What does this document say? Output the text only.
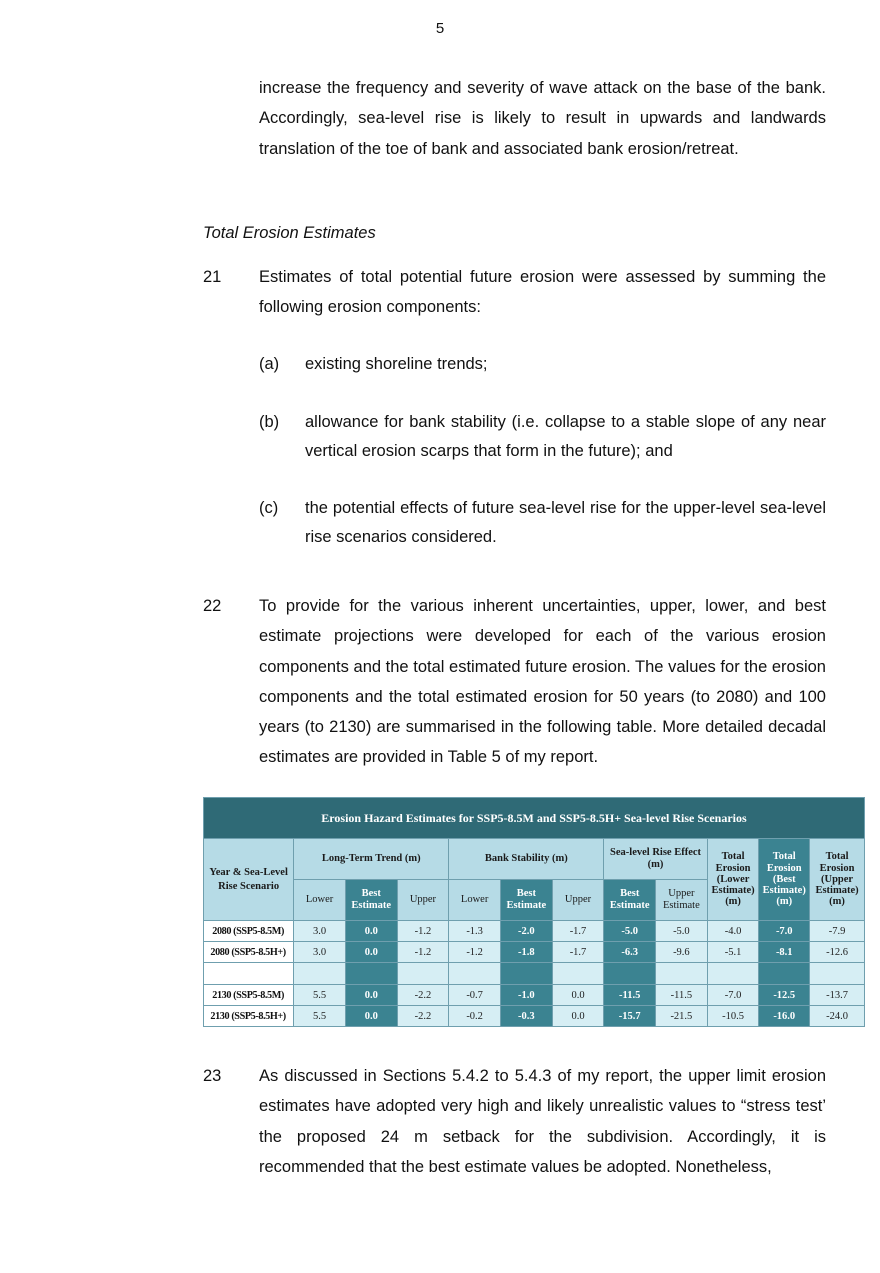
5
increase the frequency and severity of wave attack on the base of the bank. Accordingly, sea-level rise is likely to result in upwards and landwards translation of the toe of bank and associated bank erosion/retreat.
Total Erosion Estimates
21 Estimates of total potential future erosion were assessed by summing the following erosion components:
(a) existing shoreline trends;
(b) allowance for bank stability (i.e. collapse to a stable slope of any near vertical erosion scarps that form in the future); and
(c) the potential effects of future sea-level rise for the upper-level sea-level rise scenarios considered.
22 To provide for the various inherent uncertainties, upper, lower, and best estimate projections were developed for each of the various erosion components and the total estimated future erosion. The values for the erosion components and the total estimated erosion for 50 years (to 2080) and 100 years (to 2130) are summarised in the following table. More detailed decadal estimates are provided in Table 5 of my report.
Erosion Hazard Estimates for SSP5-8.5M and SSP5-8.5H+ Sea-level Rise Scenarios											
Year & Sea-Level Rise Scenario	Long-Term Trend (m)			Bank Stability (m)			Sea-level Rise Effect (m)		Total Erosion (Lower Estimate) (m)	Total Erosion (Best Estimate) (m)	Total Erosion (Upper Estimate) (m)
	Lower	Best Estimate	Upper	Lower	Best Estimate	Upper	Best Estimate	Upper Estimate			
2080 (SSP5-8.5M)	3.0	0.0	-1.2	-1.3	-2.0	-1.7	-5.0	-5.0	-4.0	-7.0	-7.9
2080 (SSP5-8.5H+)	3.0	0.0	-1.2	-1.2	-1.8	-1.7	-6.3	-9.6	-5.1	-8.1	-12.6

2130 (SSP5-8.5M)	5.5	0.0	-2.2	-0.7	-1.0	0.0	-11.5	-11.5	-7.0	-12.5	-13.7
2130 (SSP5-8.5H+)	5.5	0.0	-2.2	-0.2	-0.3	0.0	-15.7	-21.5	-10.5	-16.0	-24.0
23 As discussed in Sections 5.4.2 to 5.4.3 of my report, the upper limit erosion estimates have adopted very high and likely unrealistic values to “stress test’ the proposed 24 m setback for the subdivision. Accordingly, it is recommended that the best estimate values be adopted. Nonetheless,
